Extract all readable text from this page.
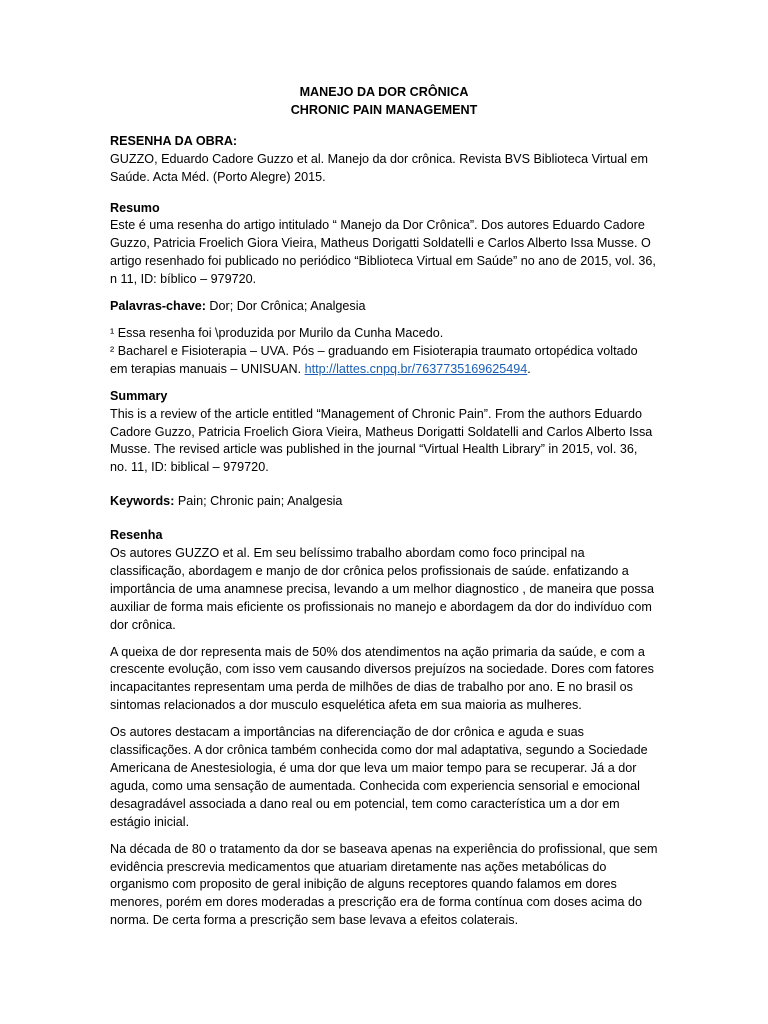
MANEJO DA DOR CRÔNICA

CHRONIC PAIN MANAGEMENT

RESENHA DA OBRA:

GUZZO, Eduardo Cadore Guzzo et al. Manejo da dor crônica. Revista BVS Biblioteca Virtual em Saúde. Acta Méd. (Porto Alegre) 2015.

Resumo

Este é uma resenha do artigo intitulado “ Manejo da Dor Crônica”. Dos autores Eduardo Cadore Guzzo, Patricia Froelich Giora Vieira, Matheus Dorigatti Soldatelli e Carlos Alberto Issa Musse. O artigo resenhado foi publicado no periódico “Biblioteca Virtual em Saúde” no ano de 2015, vol. 36, n 11, ID: bíblico – 979720.

Palavras-chave: Dor; Dor Crônica; Analgesia

¹ Essa resenha foi \produzida por Murilo da Cunha Macedo.

² Bacharel e Fisioterapia – UVA. Pós – graduando em Fisioterapia traumato ortopédica voltado em terapias manuais – UNISUAN. http://lattes.cnpq.br/7637735169625494.

Summary

This is a review of the article entitled “Management of Chronic Pain”. From the authors Eduardo Cadore Guzzo, Patricia Froelich Giora Vieira, Matheus Dorigatti Soldatelli and Carlos Alberto Issa Musse. The revised article was published in the journal “Virtual Health Library” in 2015, vol. 36, no. 11, ID: biblical – 979720.

Keywords: Pain; Chronic pain; Analgesia

Resenha

Os autores GUZZO et al. Em seu belíssimo trabalho abordam como foco principal na classificação, abordagem e manjo de dor crônica pelos profissionais de saúde. enfatizando a importância de uma anamnese precisa, levando a um melhor diagnostico , de maneira que possa auxiliar de forma mais eficiente os profissionais no manejo e abordagem da dor do indivíduo com dor crônica.

A queixa de dor representa mais de 50% dos atendimentos na ação primaria da saúde, e com a crescente evolução, com isso vem causando diversos prejuízos na sociedade. Dores com fatores incapacitantes representam uma perda de milhões de dias de trabalho por ano. E no brasil os sintomas relacionados a dor musculo esquelética afeta em sua maioria as mulheres.

Os autores destacam a importâncias na diferenciação de dor crônica e aguda e suas classificações. A dor crônica também conhecida como dor mal adaptativa, segundo a Sociedade Americana de Anestesiologia, é uma dor que leva um maior tempo para se recuperar. Já a dor aguda, como uma sensação de aumentada. Conhecida com experiencia sensorial e emocional desagradável associada a dano real ou em potencial, tem como característica um a dor em estágio inicial.

Na década de 80 o tratamento da dor se baseava apenas na experiência do profissional, que sem evidência prescrevia medicamentos que atuariam diretamente nas ações metabólicas do organismo com proposito de geral inibição de alguns receptores quando falamos em dores menores, porém em dores moderadas a prescrição era de forma contínua com doses acima do norma. De certa forma a prescrição sem base levava a efeitos colaterais.
